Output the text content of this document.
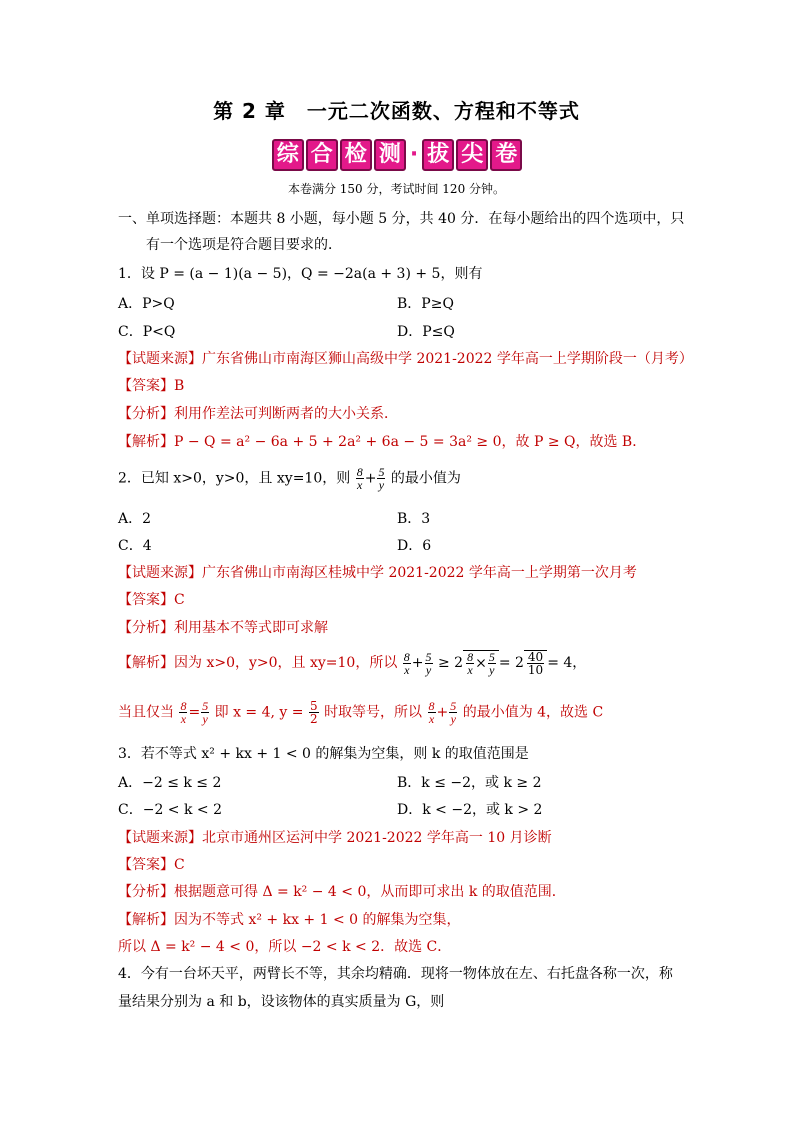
第 2 章　一元二次函数、方程和不等式
综 合 检 测 · 拔 尖 卷
本卷满分 150 分，考试时间 120 分钟。
一、单项选择题：本题共 8 小题，每小题 5 分，共 40 分．在每小题给出的四个选项中，只
有一个选项是符合题目要求的．
1．设 P = (a − 1)(a − 5)，Q = −2a(a + 3) + 5，则有
A．P>Q	B．P≥Q
C．P<Q	D．P≤Q
【试题来源】广东省佛山市南海区狮山高级中学 2021-2022 学年高一上学期阶段一（月考）
【答案】B
【分析】利用作差法可判断两者的大小关系．
【解析】P − Q = a² − 6a + 5 + 2a² + 6a − 5 = 3a² ≥ 0，故 P ≥ Q，故选 B．
2．已知 x>0，y>0，且 xy=10，则 $\frac{8}{x} + \frac{5}{y}$ 的最小值为
A．2	B．3
C．4	D．6
【试题来源】广东省佛山市南海区桂城中学 2021-2022 学年高一上学期第一次月考
【答案】C
【分析】利用基本不等式即可求解
【解析】因为 x>0，y>0，且 xy=10，所以 $\frac{8}{x} + \frac{5}{y} \ge 2 \frac{8}{x} \times \frac{5}{y} = 2 \frac{40}{10} = 4$，
当且仅当 $\frac{8}{x} = \frac{5}{y}$ 即 x = 4, $y = \frac{5}{2}$ 时取等号，所以 $\frac{8}{x} + \frac{5}{y}$ 的最小值为 4，故选 C
3．若不等式 x² + kx + 1 < 0 的解集为空集，则 k 的取值范围是
A．−2 ≤ k ≤ 2	B．k ≤ −2，或 k ≥ 2
C．−2 < k < 2	D．k < −2，或 k > 2
【试题来源】北京市通州区运河中学 2021-2022 学年高一 10 月诊断
【答案】C
【分析】根据题意可得 Δ = k² − 4 < 0，从而即可求出 k 的取值范围．
【解析】因为不等式 x² + kx + 1 < 0 的解集为空集，
所以 Δ = k² − 4 < 0，所以 −2 < k < 2．故选 C．
4．今有一台坏天平，两臂长不等，其余均精确．现将一物体放在左、右托盘各称一次，称
量结果分别为 a 和 b，设该物体的真实质量为 G，则
